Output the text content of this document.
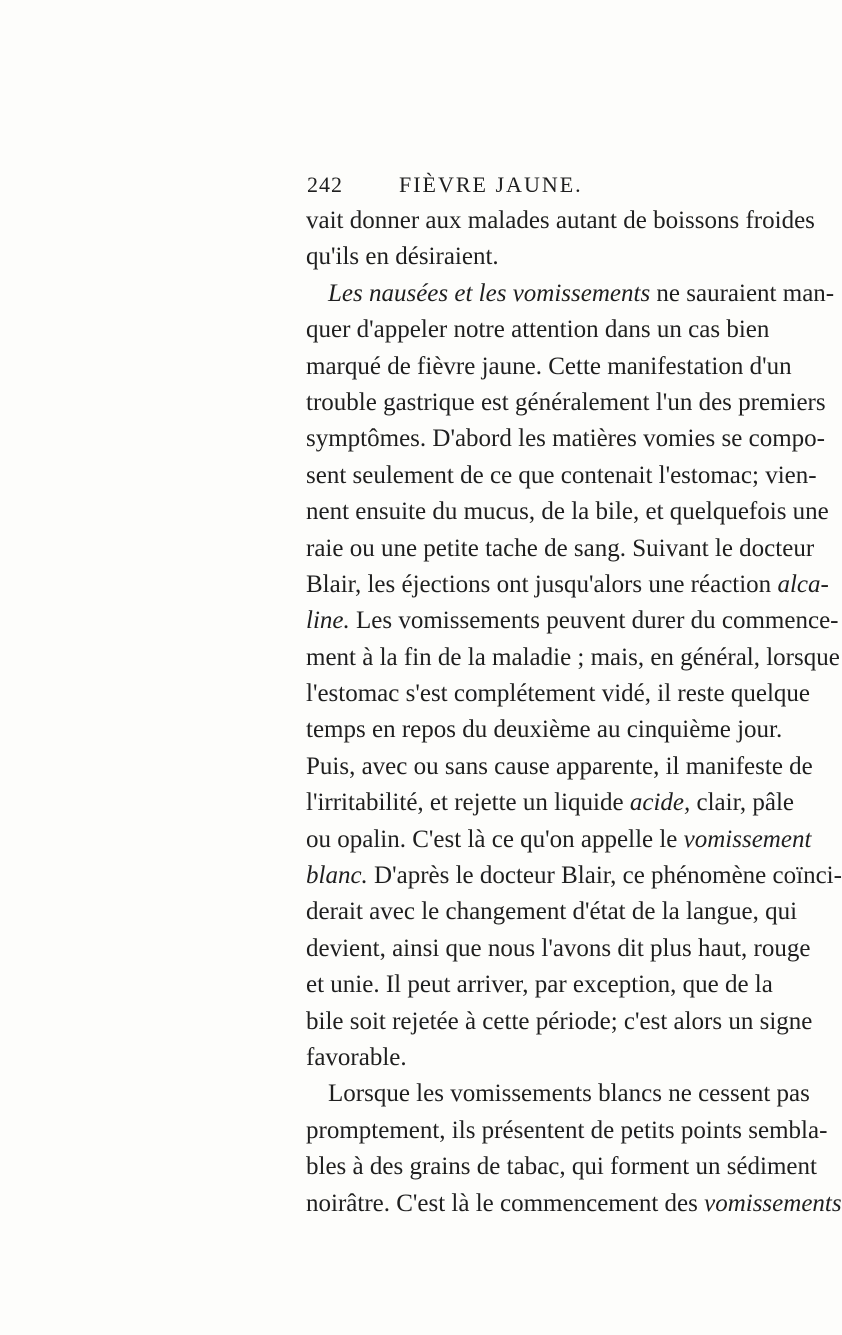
242	FIÈVRE JAUNE.
vait donner aux malades autant de boissons froides
qu'ils en désiraient.
Les nausées et les vomissements ne sauraient man-
quer d'appeler notre attention dans un cas bien
marqué de fièvre jaune. Cette manifestation d'un
trouble gastrique est généralement l'un des premiers
symptômes. D'abord les matières vomies se compo-
sent seulement de ce que contenait l'estomac; vien-
nent ensuite du mucus, de la bile, et quelquefois une
raie ou une petite tache de sang. Suivant le docteur
Blair, les éjections ont jusqu'alors une réaction alca-
line. Les vomissements peuvent durer du commence-
ment à la fin de la maladie ; mais, en général, lorsque
l'estomac s'est complétement vidé, il reste quelque
temps en repos du deuxième au cinquième jour.
Puis, avec ou sans cause apparente, il manifeste de
l'irritabilité, et rejette un liquide acide, clair, pâle
ou opalin. C'est là ce qu'on appelle le vomissement
blanc. D'après le docteur Blair, ce phénomène coïnci-
derait avec le changement d'état de la langue, qui
devient, ainsi que nous l'avons dit plus haut, rouge
et unie. Il peut arriver, par exception, que de la
bile soit rejetée à cette période; c'est alors un signe
favorable.
Lorsque les vomissements blancs ne cessent pas
promptement, ils présentent de petits points sembla-
bles à des grains de tabac, qui forment un sédiment
noirâtre. C'est là le commencement des vomissements
